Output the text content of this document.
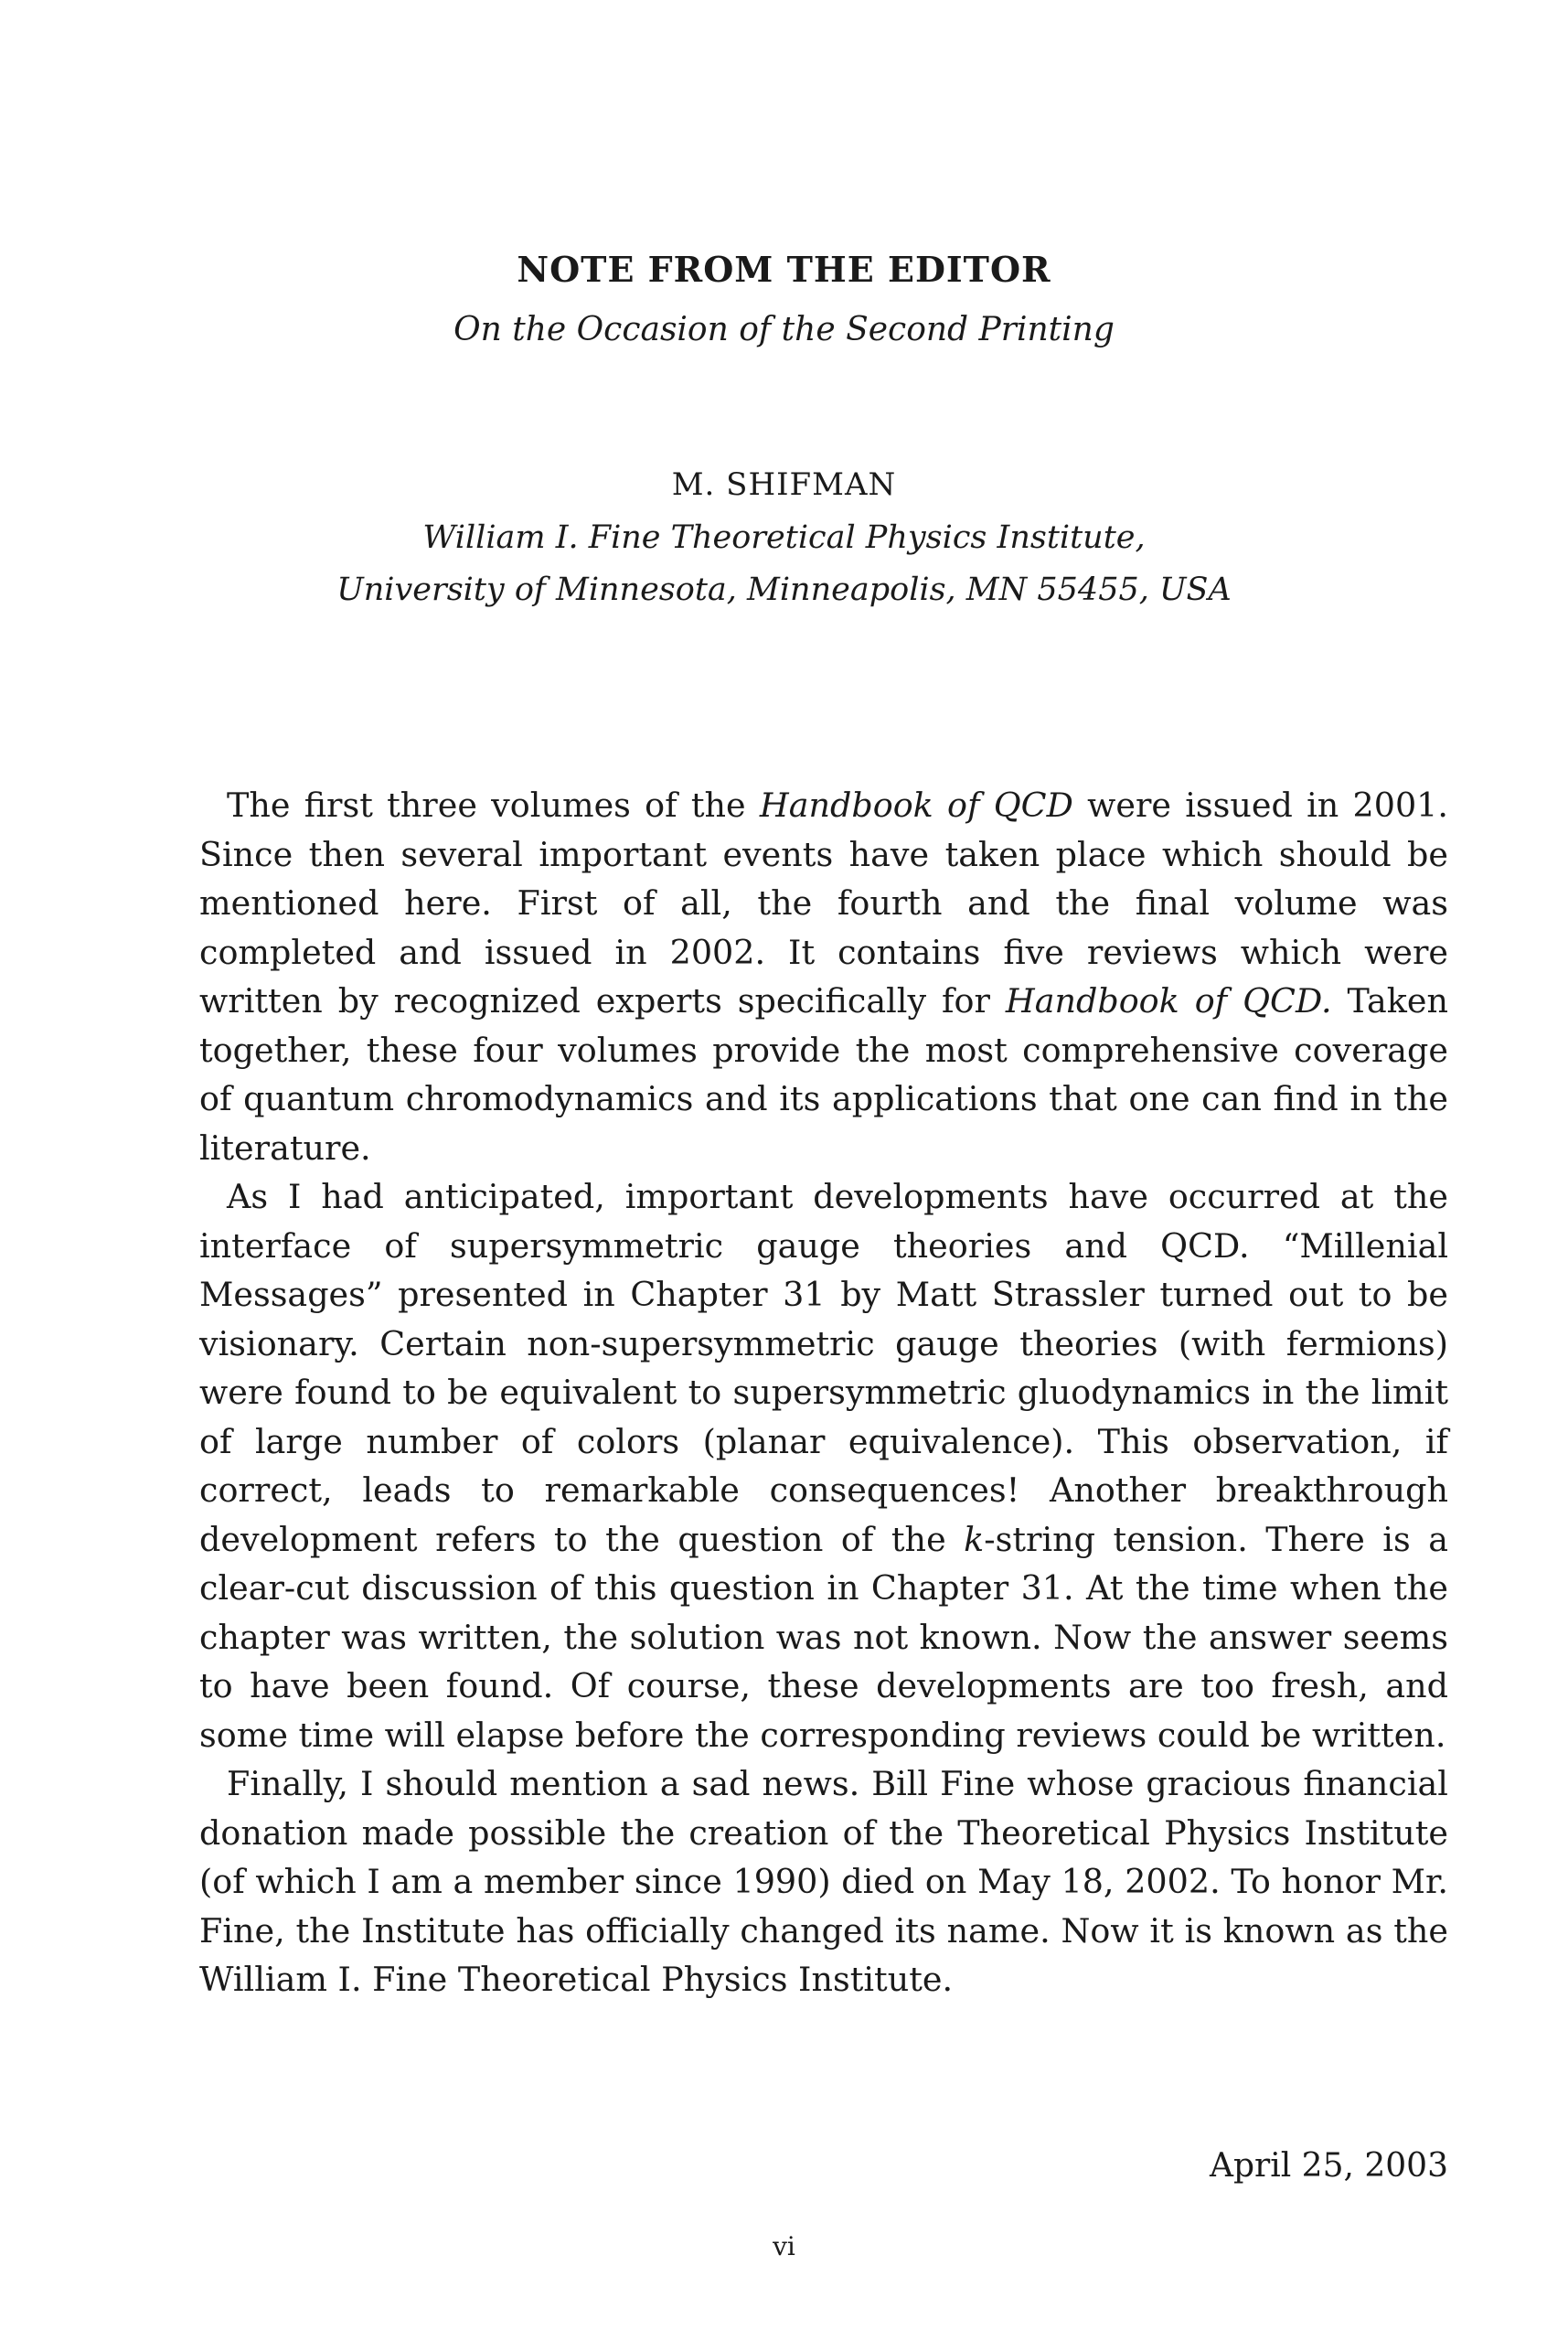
NOTE FROM THE EDITOR
On the Occasion of the Second Printing
M. SHIFMAN
William I. Fine Theoretical Physics Institute,
University of Minnesota, Minneapolis, MN 55455, USA

The first three volumes of the Handbook of QCD were issued in 2001. Since then several important events have taken place which should be mentioned here. First of all, the fourth and the final volume was completed and issued in 2002. It contains five reviews which were written by recognized experts specifically for Handbook of QCD. Taken together, these four volumes provide the most comprehensive coverage of quantum chromodynamics and its applications that one can find in the literature.

As I had anticipated, important developments have occurred at the interface of supersymmetric gauge theories and QCD. “Millenial Messages” presented in Chapter 31 by Matt Strassler turned out to be visionary. Certain non-supersymmetric gauge theories (with fermions) were found to be equivalent to supersymmetric gluodynamics in the limit of large number of colors (planar equivalence). This observation, if correct, leads to remarkable consequences! Another breakthrough development refers to the question of the k-string tension. There is a clear-cut discussion of this question in Chapter 31. At the time when the chapter was written, the solution was not known. Now the answer seems to have been found. Of course, these developments are too fresh, and some time will elapse before the corresponding reviews could be written.

Finally, I should mention a sad news. Bill Fine whose gracious financial donation made possible the creation of the Theoretical Physics Institute (of which I am a member since 1990) died on May 18, 2002. To honor Mr. Fine, the Institute has officially changed its name. Now it is known as the William I. Fine Theoretical Physics Institute.

April 25, 2003
vi
